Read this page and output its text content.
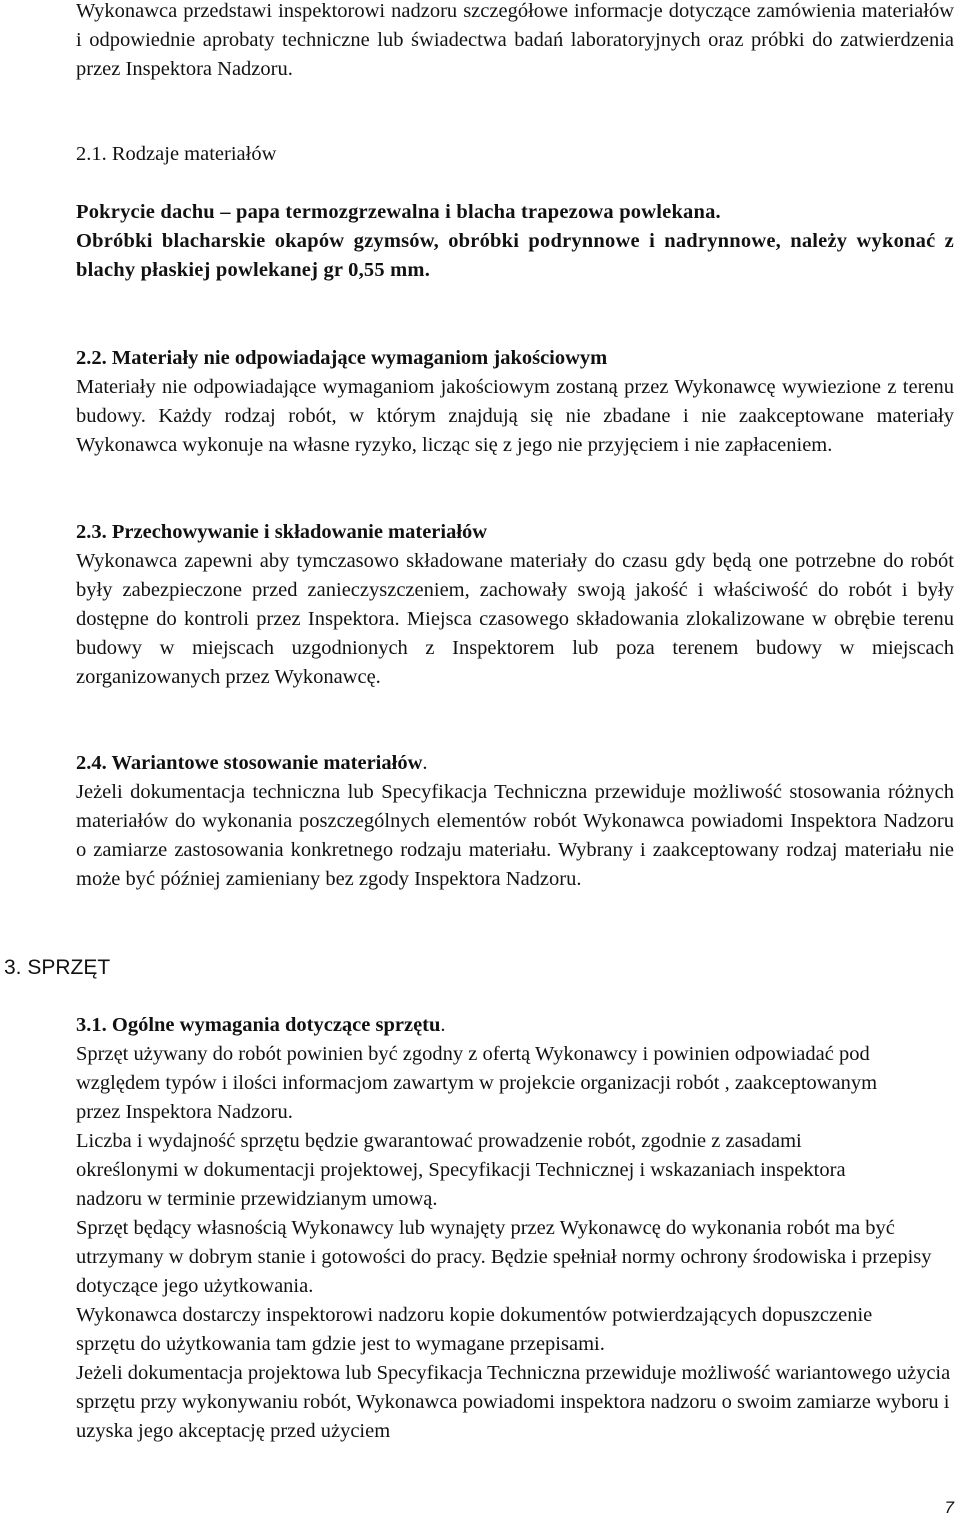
Wykonawca przedstawi inspektorowi nadzoru szczegółowe informacje dotyczące zamówienia materiałów i odpowiednie aprobaty techniczne lub świadectwa badań laboratoryjnych oraz próbki do zatwierdzenia przez Inspektora Nadzoru.

2.1. Rodzaje materiałów

Pokrycie dachu – papa termozgrzewalna i blacha trapezowa powlekana.
Obróbki blacharskie okapów gzymsów, obróbki podrynnowe i nadrynnowe, należy wykonać z blachy płaskiej powlekanej gr 0,55 mm.
2.2. Materiały nie odpowiadające wymaganiom jakościowym
Materiały nie odpowiadające wymaganiom jakościowym zostaną przez Wykonawcę wywiezione z terenu budowy. Każdy rodzaj robót, w którym znajdują się nie zbadane i nie zaakceptowane materiały Wykonawca wykonuje na własne ryzyko, licząc się z jego nie przyjęciem i nie zapłaceniem.
2.3. Przechowywanie i składowanie materiałów
Wykonawca zapewni aby tymczasowo składowane materiały do czasu gdy będą one potrzebne do robót były zabezpieczone przed zanieczyszczeniem, zachowały swoją jakość i właściwość do robót i były dostępne do kontroli przez Inspektora. Miejsca czasowego składowania zlokalizowane w obrębie terenu budowy w miejscach uzgodnionych z Inspektorem lub poza terenem budowy w miejscach zorganizowanych przez Wykonawcę.
2.4. Wariantowe stosowanie materiałów.
Jeżeli dokumentacja techniczna lub Specyfikacja Techniczna przewiduje możliwość stosowania różnych materiałów do wykonania poszczególnych elementów robót Wykonawca powiadomi Inspektora Nadzoru o zamiarze zastosowania konkretnego rodzaju materiału. Wybrany i zaakceptowany rodzaj materiału nie może być później zamieniany bez zgody Inspektora Nadzoru.

3. SPRZĘT

3.1. Ogólne wymagania dotyczące sprzętu.
Sprzęt używany do robót powinien być zgodny z ofertą Wykonawcy i powinien odpowiadać pod względem typów i ilości informacjom zawartym w projekcie organizacji robót , zaakceptowanym przez Inspektora Nadzoru.
Liczba i wydajność sprzętu będzie gwarantować prowadzenie robót, zgodnie z zasadami określonymi w dokumentacji projektowej, Specyfikacji Technicznej i wskazaniach inspektora nadzoru w terminie przewidzianym umową.
Sprzęt będący własnością Wykonawcy lub wynajęty przez Wykonawcę do wykonania robót ma być utrzymany w dobrym stanie i gotowości do pracy. Będzie spełniał normy ochrony środowiska i przepisy dotyczące jego użytkowania.
Wykonawca dostarczy inspektorowi nadzoru kopie dokumentów potwierdzających dopuszczenie sprzętu do użytkowania tam gdzie jest to wymagane przepisami.
Jeżeli dokumentacja projektowa lub Specyfikacja Techniczna przewiduje możliwość wariantowego użycia sprzętu przy wykonywaniu robót, Wykonawca powiadomi inspektora nadzoru o swoim zamiarze wyboru i uzyska jego akceptację przed użyciem

7
